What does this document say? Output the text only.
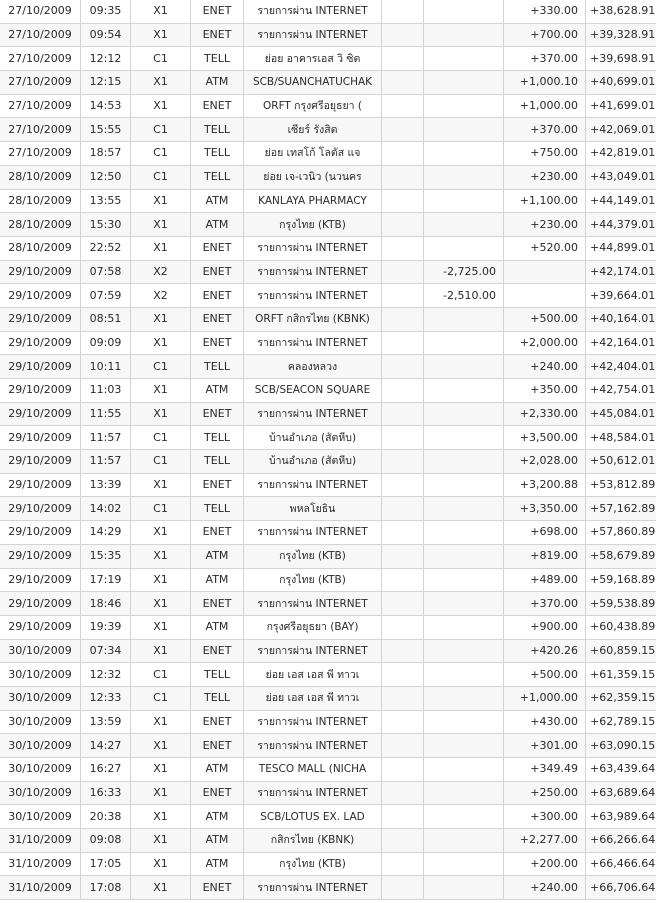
27/10/2009	09:35	X1	ENET	รายการผ่าน INTERNET			+330.00	+38,628.91
27/10/2009	09:54	X1	ENET	รายการผ่าน INTERNET			+700.00	+39,328.91
27/10/2009	12:12	C1	TELL	ย่อย อาคารเอส วิ ซิต			+370.00	+39,698.91
27/10/2009	12:15	X1	ATM	SCB/SUANCHATUCHAK			+1,000.10	+40,699.01
27/10/2009	14:53	X1	ENET	ORFT กรุงศรีอยุธยา (			+1,000.00	+41,699.01
27/10/2009	15:55	C1	TELL	เซียร์ รังสิต			+370.00	+42,069.01
27/10/2009	18:57	C1	TELL	ย่อย เทสโก้ โลตัส แจ			+750.00	+42,819.01
28/10/2009	12:50	C1	TELL	ย่อย เจ-เวนิว (นวนคร			+230.00	+43,049.01
28/10/2009	13:55	X1	ATM	KANLAYA PHARMACY			+1,100.00	+44,149.01
28/10/2009	15:30	X1	ATM	กรุงไทย (KTB)			+230.00	+44,379.01
28/10/2009	22:52	X1	ENET	รายการผ่าน INTERNET			+520.00	+44,899.01
29/10/2009	07:58	X2	ENET	รายการผ่าน INTERNET		-2,725.00		+42,174.01
29/10/2009	07:59	X2	ENET	รายการผ่าน INTERNET		-2,510.00		+39,664.01
29/10/2009	08:51	X1	ENET	ORFT กสิกรไทย (KBNK)			+500.00	+40,164.01
29/10/2009	09:09	X1	ENET	รายการผ่าน INTERNET			+2,000.00	+42,164.01
29/10/2009	10:11	C1	TELL	คลองหลวง			+240.00	+42,404.01
29/10/2009	11:03	X1	ATM	SCB/SEACON SQUARE			+350.00	+42,754.01
29/10/2009	11:55	X1	ENET	รายการผ่าน INTERNET			+2,330.00	+45,084.01
29/10/2009	11:57	C1	TELL	บ้านอำเภอ (สัตหีบ)			+3,500.00	+48,584.01
29/10/2009	11:57	C1	TELL	บ้านอำเภอ (สัตหีบ)			+2,028.00	+50,612.01
29/10/2009	13:39	X1	ENET	รายการผ่าน INTERNET			+3,200.88	+53,812.89
29/10/2009	14:02	C1	TELL	พหลโยธิน			+3,350.00	+57,162.89
29/10/2009	14:29	X1	ENET	รายการผ่าน INTERNET			+698.00	+57,860.89
29/10/2009	15:35	X1	ATM	กรุงไทย (KTB)			+819.00	+58,679.89
29/10/2009	17:19	X1	ATM	กรุงไทย (KTB)			+489.00	+59,168.89
29/10/2009	18:46	X1	ENET	รายการผ่าน INTERNET			+370.00	+59,538.89
29/10/2009	19:39	X1	ATM	กรุงศรีอยุธยา (BAY)			+900.00	+60,438.89
30/10/2009	07:34	X1	ENET	รายการผ่าน INTERNET			+420.26	+60,859.15
30/10/2009	12:32	C1	TELL	ย่อย เอส เอส พี ทาวเ			+500.00	+61,359.15
30/10/2009	12:33	C1	TELL	ย่อย เอส เอส พี ทาวเ			+1,000.00	+62,359.15
30/10/2009	13:59	X1	ENET	รายการผ่าน INTERNET			+430.00	+62,789.15
30/10/2009	14:27	X1	ENET	รายการผ่าน INTERNET			+301.00	+63,090.15
30/10/2009	16:27	X1	ATM	TESCO MALL (NICHA			+349.49	+63,439.64
30/10/2009	16:33	X1	ENET	รายการผ่าน INTERNET			+250.00	+63,689.64
30/10/2009	20:38	X1	ATM	SCB/LOTUS EX. LAD			+300.00	+63,989.64
31/10/2009	09:08	X1	ATM	กสิกรไทย (KBNK)			+2,277.00	+66,266.64
31/10/2009	17:05	X1	ATM	กรุงไทย (KTB)			+200.00	+66,466.64
31/10/2009	17:08	X1	ENET	รายการผ่าน INTERNET			+240.00	+66,706.64
